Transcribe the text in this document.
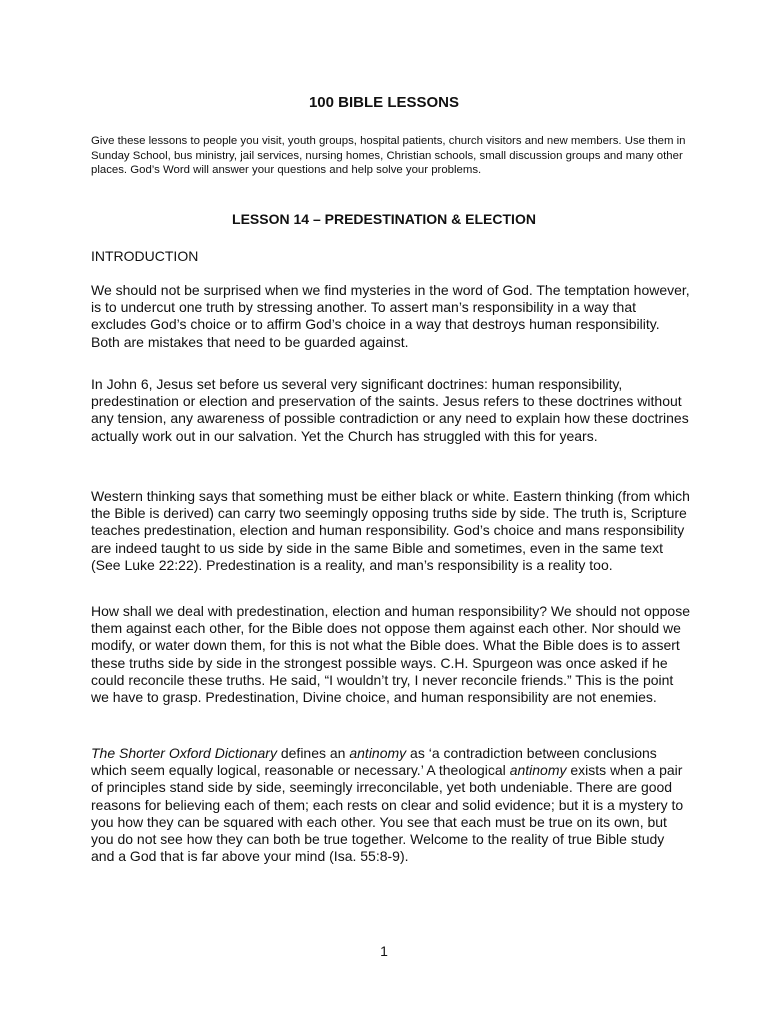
100 BIBLE LESSONS
Give these lessons to people you visit, youth groups, hospital patients, church visitors and new members. Use them in Sunday School, bus ministry, jail services, nursing homes, Christian schools, small discussion groups and many other places. God’s Word will answer your questions and help solve your problems.
LESSON 14 – PREDESTINATION & ELECTION
INTRODUCTION

We should not be surprised when we find mysteries in the word of God. The temptation however, is to undercut one truth by stressing another. To assert man’s responsibility in a way that excludes God’s choice or to affirm God’s choice in a way that destroys human responsibility. Both are mistakes that need to be guarded against.

In John 6, Jesus set before us several very significant doctrines: human responsibility, predestination or election and preservation of the saints. Jesus refers to these doctrines without any tension, any awareness of possible contradiction or any need to explain how these doctrines actually work out in our salvation. Yet the Church has struggled with this for years.

Western thinking says that something must be either black or white. Eastern thinking (from which the Bible is derived) can carry two seemingly opposing truths side by side. The truth is, Scripture teaches predestination, election and human responsibility. God’s choice and mans responsibility are indeed taught to us side by side in the same Bible and sometimes, even in the same text (See Luke 22:22). Predestination is a reality, and man’s responsibility is a reality too.

How shall we deal with predestination, election and human responsibility? We should not oppose them against each other, for the Bible does not oppose them against each other. Nor should we modify, or water down them, for this is not what the Bible does. What the Bible does is to assert these truths side by side in the strongest possible ways. C.H. Spurgeon was once asked if he could reconcile these truths. He said, “I wouldn’t try, I never reconcile friends.” This is the point we have to grasp. Predestination, Divine choice, and human responsibility are not enemies.

The Shorter Oxford Dictionary defines an antinomy as ‘a contradiction between conclusions which seem equally logical, reasonable or necessary.’ A theological antinomy exists when a pair of principles stand side by side, seemingly irreconcilable, yet both undeniable. There are good reasons for believing each of them; each rests on clear and solid evidence; but it is a mystery to you how they can be squared with each other. You see that each must be true on its own, but you do not see how they can both be true together. Welcome to the reality of true Bible study and a God that is far above your mind (Isa. 55:8-9).

1
